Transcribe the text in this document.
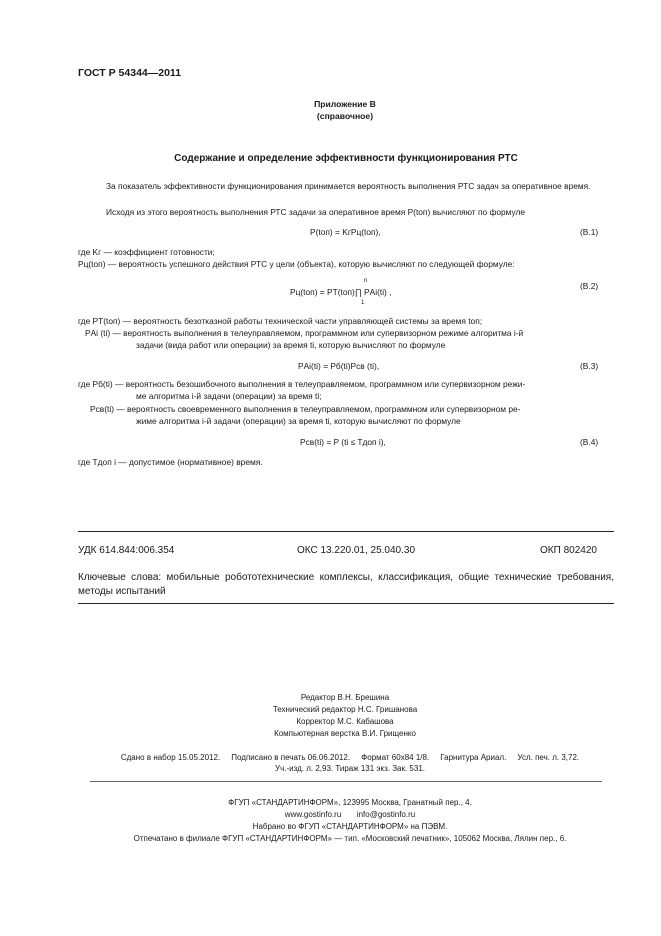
ГОСТ Р 54344—2011
Приложение В
(справочное)
Содержание и определение эффективности функционирования РТС
За показатель эффективности функционирования принимается вероятность выполнения РТС задач за оперативное время.
Исходя из этого вероятность выполнения РТС задачи за оперативное время P(tоп) вычисляют по формуле
P(tоп) = KгPц(tоп),	(В.1)
где Kг — коэффициент готовности;
Pц(tоп) — вероятность успешного действия РТС у цели (объекта), которую вычисляют по следующей формуле:
Pц(tоп) = PТ(tоп)∏ PАi(ti) ,
n
1
(В.2)
где PТ(tоп) — вероятность безотказной работы технической части управляющей системы за время tоп;
PАi (ti) — вероятность выполнения в телеуправляемом, программном или супервизорном режиме алгоритма i-й
задачи (вида работ или операции) за время ti, которую вычисляют по формуле
PАi(ti) = Pб(ti)Pсв (ti),	(В.3)
где Pб(ti) — вероятность безошибочного выполнения в телеуправляемом, программном или супервизорном режи-
ме алгоритма i-й задачи (операции) за время ti;
Pсв(ti) — вероятность своевременного выполнения в телеуправляемом, программном или супервизорном ре-
жиме алгоритма i-й задачи (операции) за время ti, которую вычисляют по формуле
Pсв(ti) = P (ti ≤ Tдоп i),	(В.4)
где Tдоп i — допустимое (нормативное) время.
УДК 614.844:006.354	ОКС 13.220.01, 25.040.30	ОКП 802420
Ключевые слова: мобильные робототехнические комплексы, классификация, общие технические требования, методы испытаний
Редактор В.Н. Брешина
Технический редактор Н.С. Гришанова
Корректор М.С. Кабашова
Компьютерная верстка В.И. Грищенко
Сдано в набор 15.05.2012.     Подписано в печать 06.06.2012.     Формат 60х84 1/8.     Гарнитура Ариал.     Усл. печ. л. 3,72.
Уч.-изд. л. 2,93. Тираж 131 экз. Зак. 531.
ФГУП «СТАНДАРТИНФОРМ», 123995 Москва, Гранатный пер., 4.
www.gostinfo.ru       info@gostinfo.ru
Набрано во ФГУП «СТАНДАРТИНФОРМ» на ПЭВМ.
Отпечатано в филиале ФГУП «СТАНДАРТИНФОРМ» — тип. «Московский печатник», 105062 Москва, Лялин пер., 6.
